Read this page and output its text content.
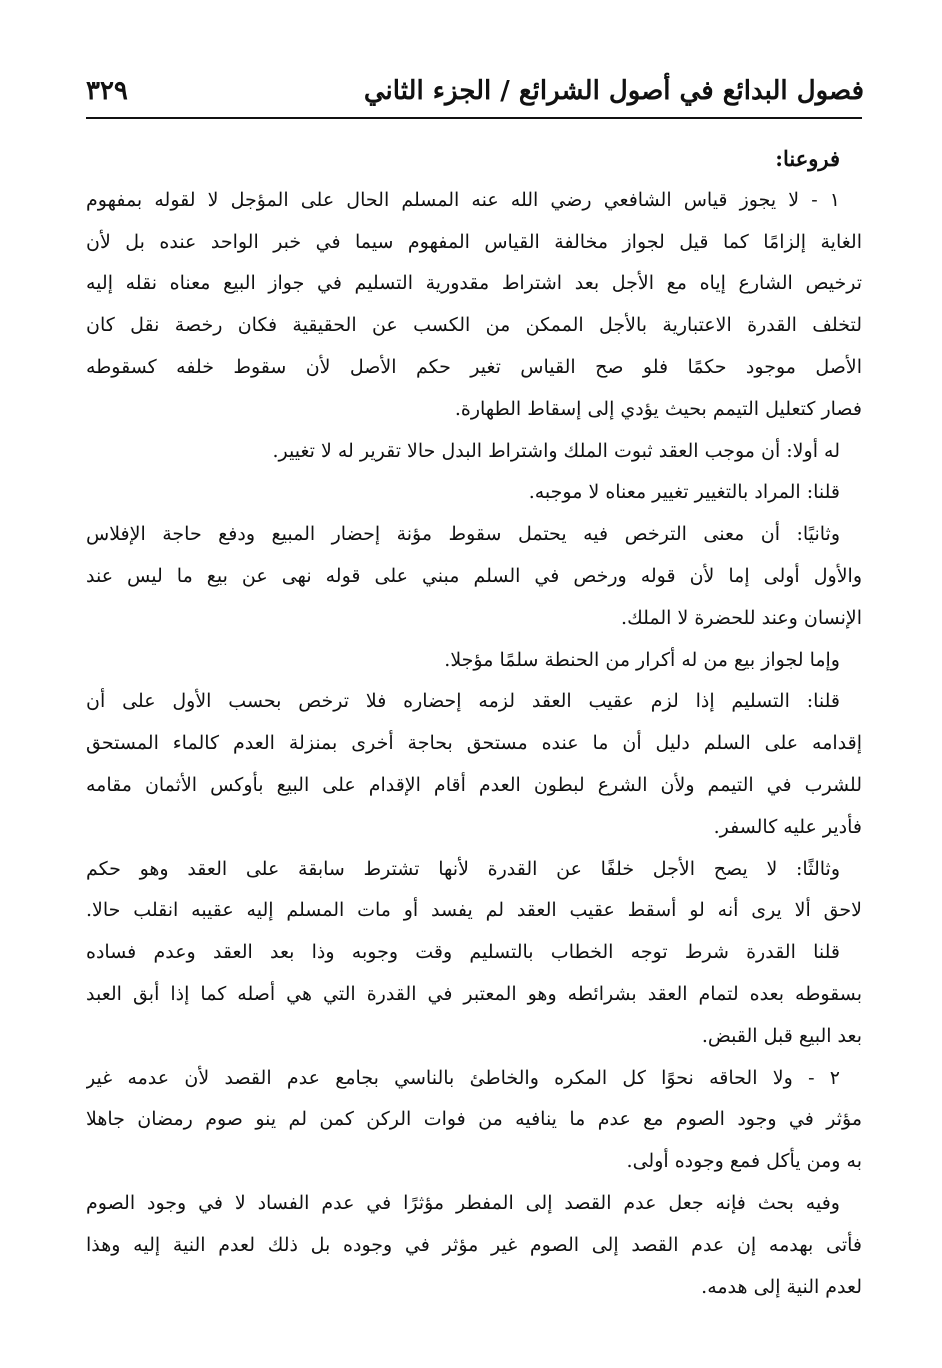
فصول البدائع في أصول الشرائع / الجزء الثاني
٣٢٩
فروعنا:
١ - لا يجوز قياس الشافعي رضي الله عنه المسلم الحال على المؤجل لا لقوله بمفهوم
الغاية إلزامًا كما قيل لجواز مخالفة القياس المفهوم سيما في خبر الواحد عنده بل لأن
ترخيص الشارع إياه مع الأجل بعد اشتراط مقدورية التسليم في جواز البيع معناه نقله إليه
لتخلف القدرة الاعتبارية بالأجل الممكن من الكسب عن الحقيقية فكان رخصة نقل كان
الأصل موجود حكمًا فلو صح القياس تغير حكم الأصل لأن سقوط خلفه كسقوطه
فصار كتعليل التيمم بحيث يؤدي إلى إسقاط الطهارة.
له أولا: أن موجب العقد ثبوت الملك واشتراط البدل حالا تقرير له لا تغيير.
قلنا: المراد بالتغيير تغيير معناه لا موجبه.
وثانيًا: أن معنى الترخص فيه يحتمل سقوط مؤنة إحضار المبيع ودفع حاجة الإفلاس
والأول أولى إما لأن قوله ورخص في السلم مبني على قوله نهى عن بيع ما ليس عند
الإنسان وعند للحضرة لا الملك.
وإما لجواز بيع من له أكرار من الحنطة سلمًا مؤجلا.
قلنا: التسليم إذا لزم عقيب العقد لزمه إحضاره فلا ترخص بحسب الأول على أن
إقدامه على السلم دليل أن ما عنده مستحق بحاجة أخرى بمنزلة العدم كالماء المستحق
للشرب في التيمم ولأن الشرع لبطون العدم أقام الإقدام على البيع بأوكس الأثمان مقامه
فأدير عليه كالسفر.
وثالثًا: لا يصح الأجل خلفًا عن القدرة لأنها تشترط سابقة على العقد وهو حكم
لاحق ألا يرى أنه لو أسقط عقيب العقد لم يفسد أو مات المسلم إليه عقيبه انقلب حالا.
قلنا القدرة شرط توجه الخطاب بالتسليم وقت وجوبه وذا بعد العقد وعدم فساده
بسقوطه بعده لتمام العقد بشرائطه وهو المعتبر في القدرة التي هي أصله كما إذا أبق العبد
بعد البيع قبل القبض.
٢ - ولا الحاقه نحوًا كل المكره والخاطئ بالناسي بجامع عدم القصد لأن عدمه غير
مؤثر في وجود الصوم مع عدم ما ينافيه من فوات الركن كمن لم ينو صوم رمضان جاهلا
به ومن يأكل فمع وجوده أولى.
وفيه بحث فإنه جعل عدم القصد إلى المفطر مؤثرًا في عدم الفساد لا في وجود الصوم
فأتى بهدمه إن عدم القصد إلى الصوم غير مؤثر في وجوده بل ذلك لعدم النية إليه وهذا
لعدم النية إلى هدمه.
